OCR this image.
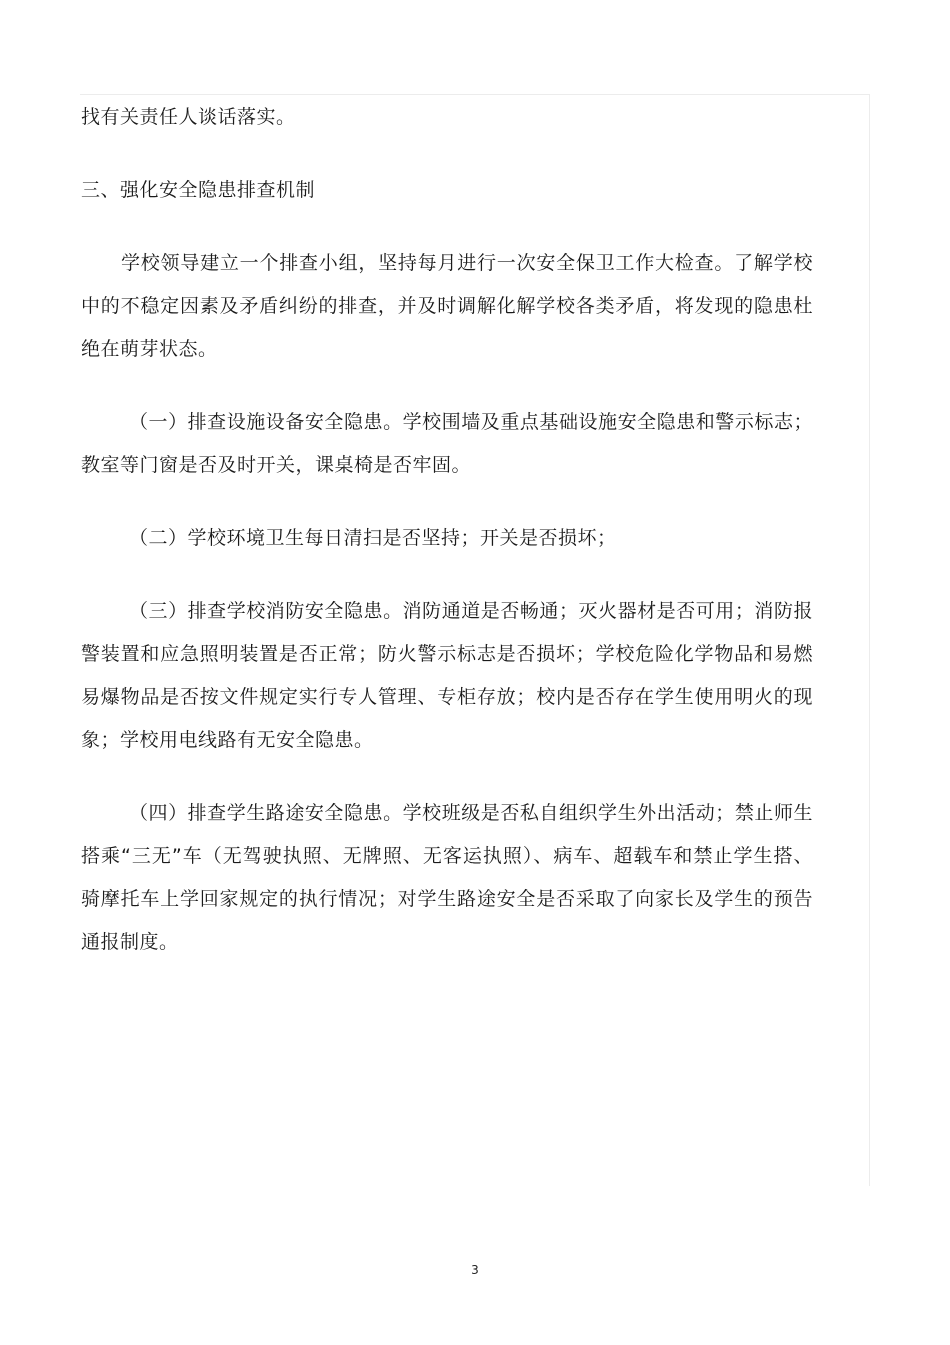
找有关责任人谈话落实。

三、强化安全隐患排查机制

学校领导建立一个排查小组，坚持每月进行一次安全保卫工作大检查。了解学校中的不稳定因素及矛盾纠纷的排查，并及时调解化解学校各类矛盾，将发现的隐患杜绝在萌芽状态。

（一）排查设施设备安全隐患。学校围墙及重点基础设施安全隐患和警示标志；教室等门窗是否及时开关，课桌椅是否牢固。

（二）学校环境卫生每日清扫是否坚持；开关是否损坏；

（三）排查学校消防安全隐患。消防通道是否畅通；灭火器材是否可用；消防报警装置和应急照明装置是否正常；防火警示标志是否损坏；学校危险化学物品和易燃易爆物品是否按文件规定实行专人管理、专柜存放；校内是否存在学生使用明火的现象；学校用电线路有无安全隐患。

（四）排查学生路途安全隐患。学校班级是否私自组织学生外出活动；禁止师生搭乘“三无”车（无驾驶执照、无牌照、无客运执照）、病车、超载车和禁止学生搭、骑摩托车上学回家规定的执行情况；对学生路途安全是否采取了向家长及学生的预告通报制度。

3
